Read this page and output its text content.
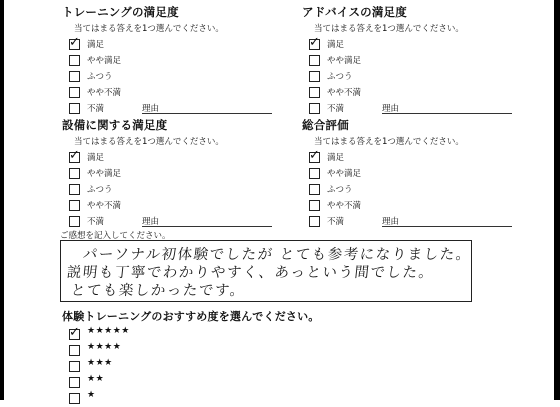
トレーニングの満足度
当てはまる答えを1つ選んでください。
✓ 満足
やや満足
ふつう
やや不満
不満	理由
アドバイスの満足度
当てはまる答えを1つ選んでください。
✓ 満足
やや満足
ふつう
やや不満
不満	理由
設備に関する満足度
当てはまる答えを1つ選んでください。
✓ 満足
やや満足
ふつう
やや不満
不満	理由
総合評価
当てはまる答えを1つ選んでください。
✓ 満足
やや満足
ふつう
やや不満
不満	理由
ご感想を記入してください。
パーソナル初体験でしたが とても参考になりました。
説明も丁寧でわかりやすく、あっという間でした。
とても楽しかったです。
体験トレーニングのおすすめ度を選んでください。
✓ ★★★★★
★★★★
★★★
★★
★
